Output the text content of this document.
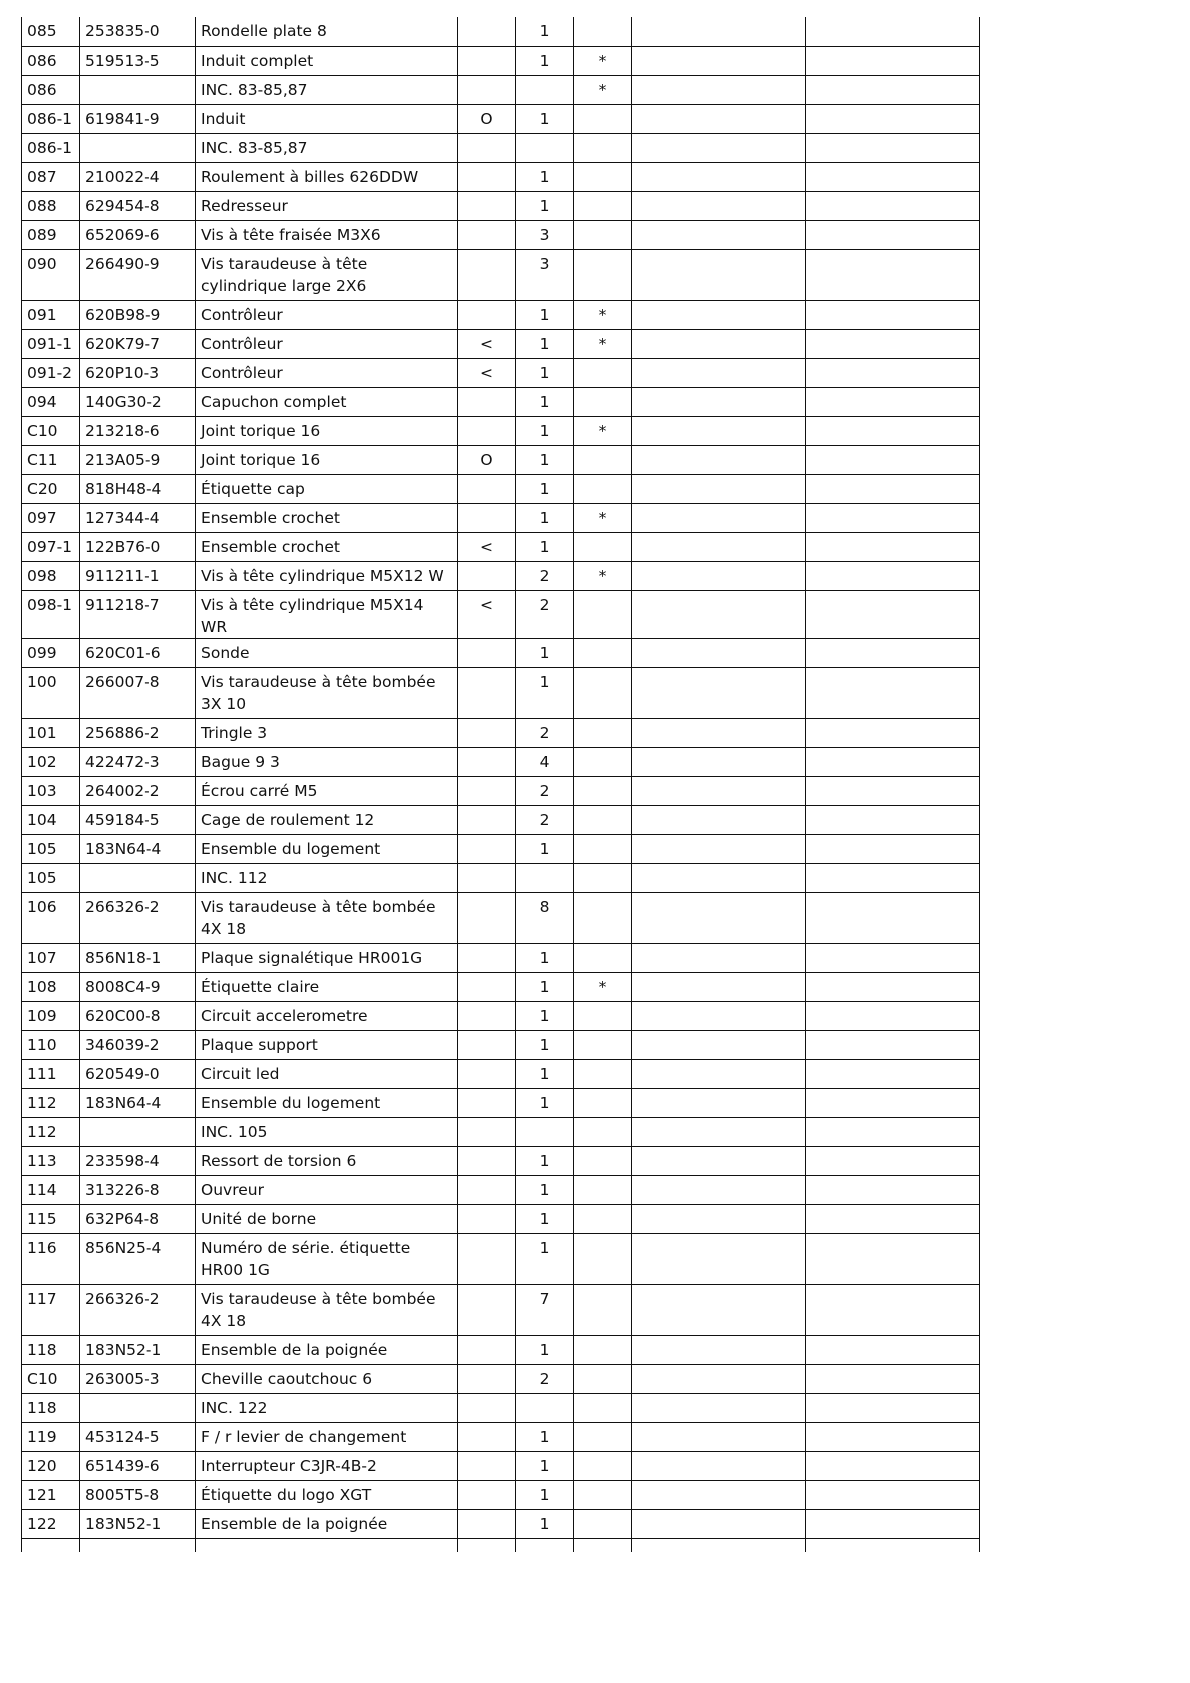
085	253835-0	Rondelle plate 8		1			
086	519513-5	Induit complet		1	*		
086		INC. 83-85,87			*		
086-1	619841-9	Induit	O	1			
086-1		INC. 83-85,87					
087	210022-4	Roulement à billes 626DDW		1			
088	629454-8	Redresseur		1			
089	652069-6	Vis à tête fraisée M3X6		3			
090	266490-9	Vis taraudeuse à tête cylindrique large 2X6		3			
091	620B98-9	Contrôleur		1	*		
091-1	620K79-7	Contrôleur	<	1	*		
091-2	620P10-3	Contrôleur	<	1			
094	140G30-2	Capuchon complet		1			
C10	213218-6	Joint torique 16		1	*		
C11	213A05-9	Joint torique 16	O	1			
C20	818H48-4	Étiquette cap		1			
097	127344-4	Ensemble crochet		1	*		
097-1	122B76-0	Ensemble crochet	<	1			
098	911211-1	Vis à tête cylindrique M5X12 W		2	*		
098-1	911218-7	Vis à tête cylindrique M5X14 WR	<	2			
099	620C01-6	Sonde		1			
100	266007-8	Vis taraudeuse à tête bombée 3X 10		1			
101	256886-2	Tringle 3		2			
102	422472-3	Bague 9 3		4			
103	264002-2	Écrou carré M5		2			
104	459184-5	Cage de roulement 12		2			
105	183N64-4	Ensemble du logement		1			
105		INC. 112					
106	266326-2	Vis taraudeuse à tête bombée 4X 18		8			
107	856N18-1	Plaque signalétique HR001G		1			
108	8008C4-9	Étiquette claire		1	*		
109	620C00-8	Circuit accelerometre		1			
110	346039-2	Plaque support		1			
111	620549-0	Circuit led		1			
112	183N64-4	Ensemble du logement		1			
112		INC. 105					
113	233598-4	Ressort de torsion 6		1			
114	313226-8	Ouvreur		1			
115	632P64-8	Unité de borne		1			
116	856N25-4	Numéro de série. étiquette HR00 1G		1			
117	266326-2	Vis taraudeuse à tête bombée 4X 18		7			
118	183N52-1	Ensemble de la poignée		1			
C10	263005-3	Cheville caoutchouc 6		2			
118		INC. 122					
119	453124-5	F / r levier de changement		1			
120	651439-6	Interrupteur C3JR-4B-2		1			
121	8005T5-8	Étiquette du logo XGT		1			
122	183N52-1	Ensemble de la poignée		1			
